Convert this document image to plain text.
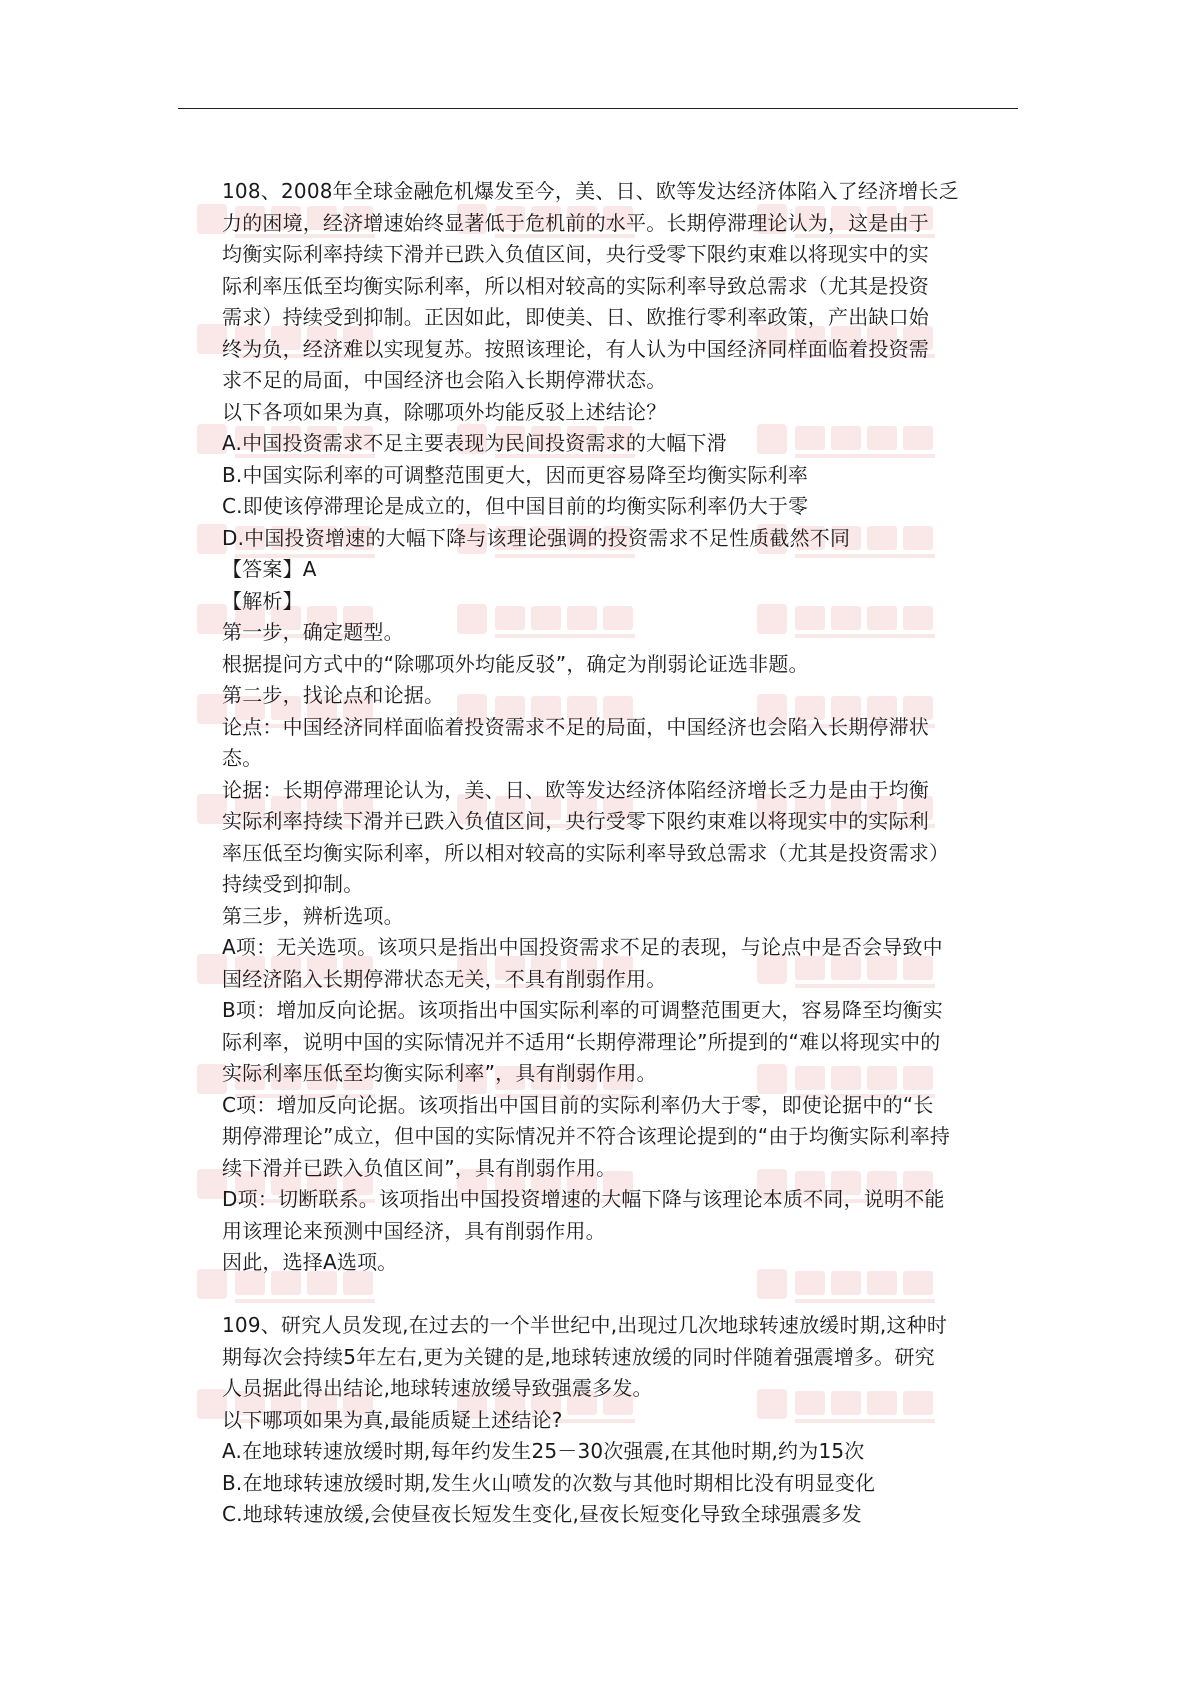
108、2008年全球金融危机爆发至今，美、日、欧等发达经济体陷入了经济增长乏
力的困境，经济增速始终显著低于危机前的水平。长期停滞理论认为，这是由于
均衡实际利率持续下滑并已跌入负值区间，央行受零下限约束难以将现实中的实
际利率压低至均衡实际利率，所以相对较高的实际利率导致总需求（尤其是投资
需求）持续受到抑制。正因如此，即使美、日、欧推行零利率政策，产出缺口始
终为负，经济难以实现复苏。按照该理论，有人认为中国经济同样面临着投资需
求不足的局面，中国经济也会陷入长期停滞状态。
以下各项如果为真，除哪项外均能反驳上述结论？
A.中国投资需求不足主要表现为民间投资需求的大幅下滑
B.中国实际利率的可调整范围更大，因而更容易降至均衡实际利率
C.即使该停滞理论是成立的，但中国目前的均衡实际利率仍大于零
D.中国投资增速的大幅下降与该理论强调的投资需求不足性质截然不同
【答案】A
【解析】
第一步，确定题型。
根据提问方式中的“除哪项外均能反驳”，确定为削弱论证选非题。
第二步，找论点和论据。
论点：中国经济同样面临着投资需求不足的局面，中国经济也会陷入长期停滞状
态。
论据：长期停滞理论认为，美、日、欧等发达经济体陷经济增长乏力是由于均衡
实际利率持续下滑并已跌入负值区间，央行受零下限约束难以将现实中的实际利
率压低至均衡实际利率，所以相对较高的实际利率导致总需求（尤其是投资需求）
持续受到抑制。
第三步，辨析选项。
A项：无关选项。该项只是指出中国投资需求不足的表现，与论点中是否会导致中
国经济陷入长期停滞状态无关，不具有削弱作用。
B项：增加反向论据。该项指出中国实际利率的可调整范围更大，容易降至均衡实
际利率，说明中国的实际情况并不适用“长期停滞理论”所提到的“难以将现实中的
实际利率压低至均衡实际利率”，具有削弱作用。
C项：增加反向论据。该项指出中国目前的实际利率仍大于零，即使论据中的“长
期停滞理论”成立，但中国的实际情况并不符合该理论提到的“由于均衡实际利率持
续下滑并已跌入负值区间”，具有削弱作用。
D项：切断联系。该项指出中国投资增速的大幅下降与该理论本质不同，说明不能
用该理论来预测中国经济，具有削弱作用。
因此，选择A选项。
109、研究人员发现,在过去的一个半世纪中,出现过几次地球转速放缓时期,这种时
期每次会持续5年左右,更为关键的是,地球转速放缓的同时伴随着强震增多。研究
人员据此得出结论,地球转速放缓导致强震多发。
以下哪项如果为真,最能质疑上述结论?
A.在地球转速放缓时期,每年约发生25－30次强震,在其他时期,约为15次
B.在地球转速放缓时期,发生火山喷发的次数与其他时期相比没有明显变化
C.地球转速放缓,会使昼夜长短发生变化,昼夜长短变化导致全球强震多发
